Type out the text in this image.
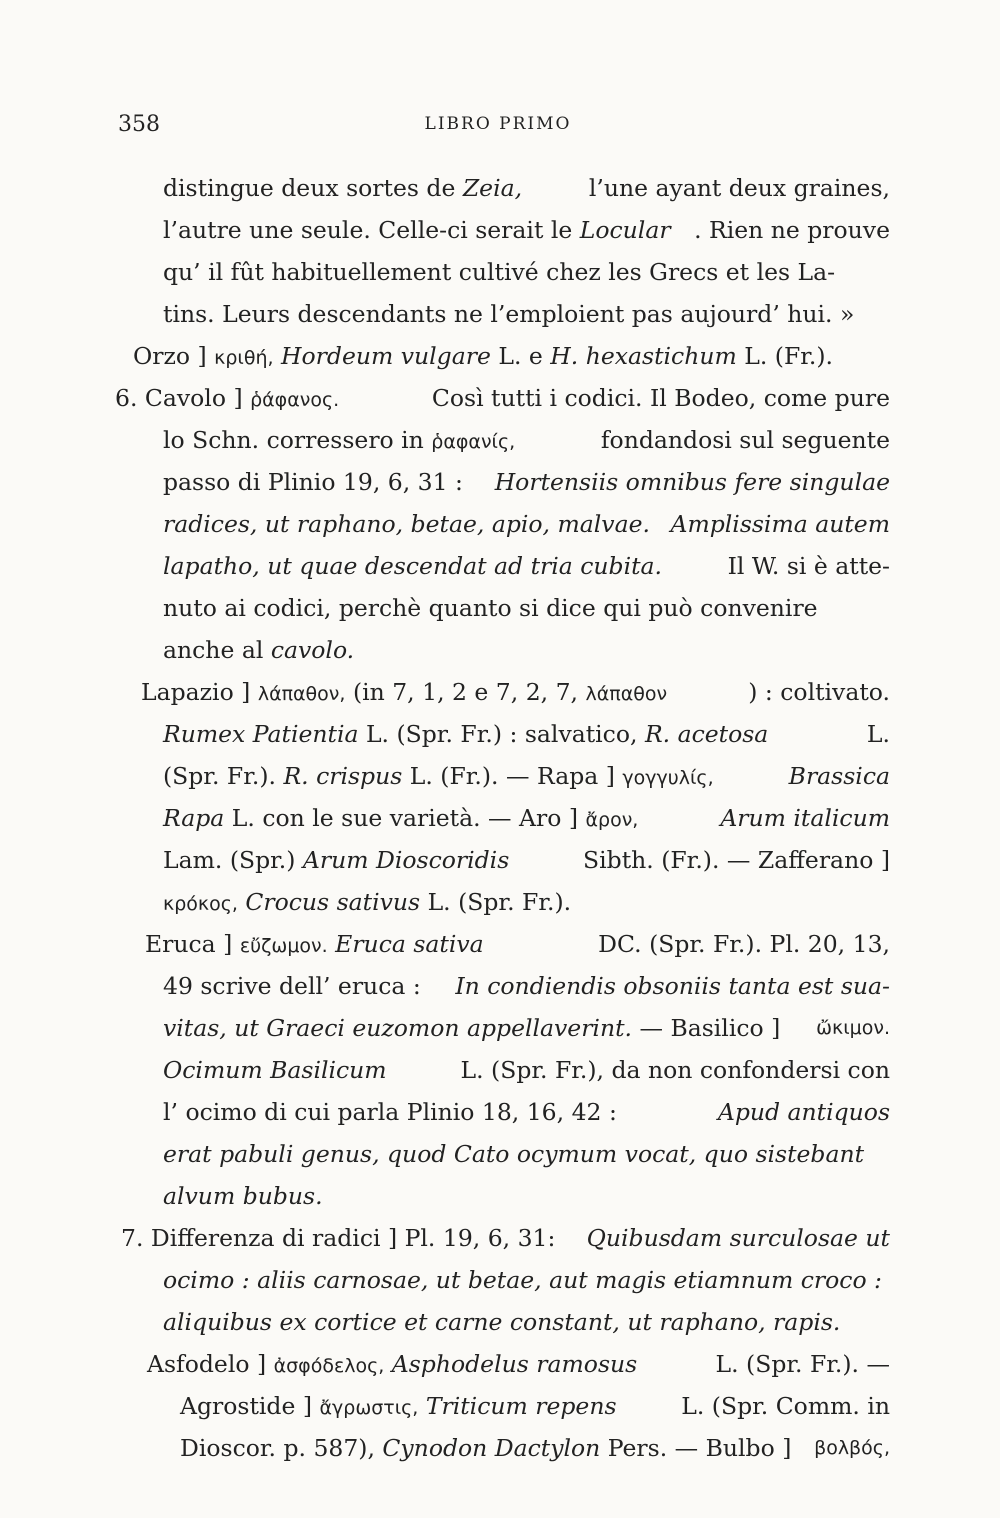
358	LIBRO PRIMO
distingue deux sortes de Zeia,	l’une ayant deux graines,
l’autre une seule. Celle-ci serait le Locular . Rien ne prouve
qu’ il fût habituellement cultivé chez les Grecs et les La-
tins. Leurs descendants ne l’emploient pas aujourd’ hui. »
Orzo ] κριθή, Hordeum vulgare L. e H. hexastichum L. (Fr.).
6. Cavolo ] ῥάφανος.	Così tutti i codici. Il Bodeo, come pure
lo Schn. corressero in ῥαφανίς,	fondandosi sul seguente
passo di Plinio 19, 6, 31 : Hortensiis omnibus fere singulae
radices, ut raphano, betae, apio, malvae. Amplissima autem
lapatho, ut quae descendat ad tria cubita. Il W. si è atte-
nuto ai codici, perchè quanto si dice qui può convenire
anche al cavolo.
Lapazio ] λάπαθον, (in 7, 1, 2 e 7, 2, 7, λάπαθον	) : coltivato.
Rumex Patientia L. (Spr. Fr.) : salvatico, R. acetosa	L.
(Spr. Fr.). R. crispus L. (Fr.). — Rapa ] γογγυλίς,	Brassica
Rapa L. con le sue varietà. — Aro ] ἄρον,	Arum italicum
Lam. (Spr.) Arum Dioscoridis	Sibth. (Fr.). — Zafferano ]
κρόκος, Crocus sativus L. (Spr. Fr.).
Eruca ] εὔζωμον. Eruca sativa	DC. (Spr. Fr.). Pl. 20, 13,
49 scrive dell’ eruca : In condiendis obsoniis tanta est sua-
vitas, ut Graeci euzomon appellaverint. — Basilico ] ὤκιμον.
Ocimum Basilicum	L. (Spr. Fr.), da non confondersi con
l’ ocimo di cui parla Plinio 18, 16, 42 :	Apud antiquos
erat pabuli genus, quod Cato ocymum vocat, quo sistebant
alvum bubus.
7. Differenza di radici ] Pl. 19, 6, 31: Quibusdam surculosae ut
ocimo : aliis carnosae, ut betae, aut magis etiamnum croco :
aliquibus ex cortice et carne constant, ut raphano, rapis.
Asfodelo ] ἀσφόδελος, Asphodelus ramosus	L. (Spr. Fr.). —
Agrostide ] ἄγρωστις, Triticum repens L. (Spr. Comm. in
Dioscor. p. 587), Cynodon Dactylon Pers. — Bulbo ] βολβός,
